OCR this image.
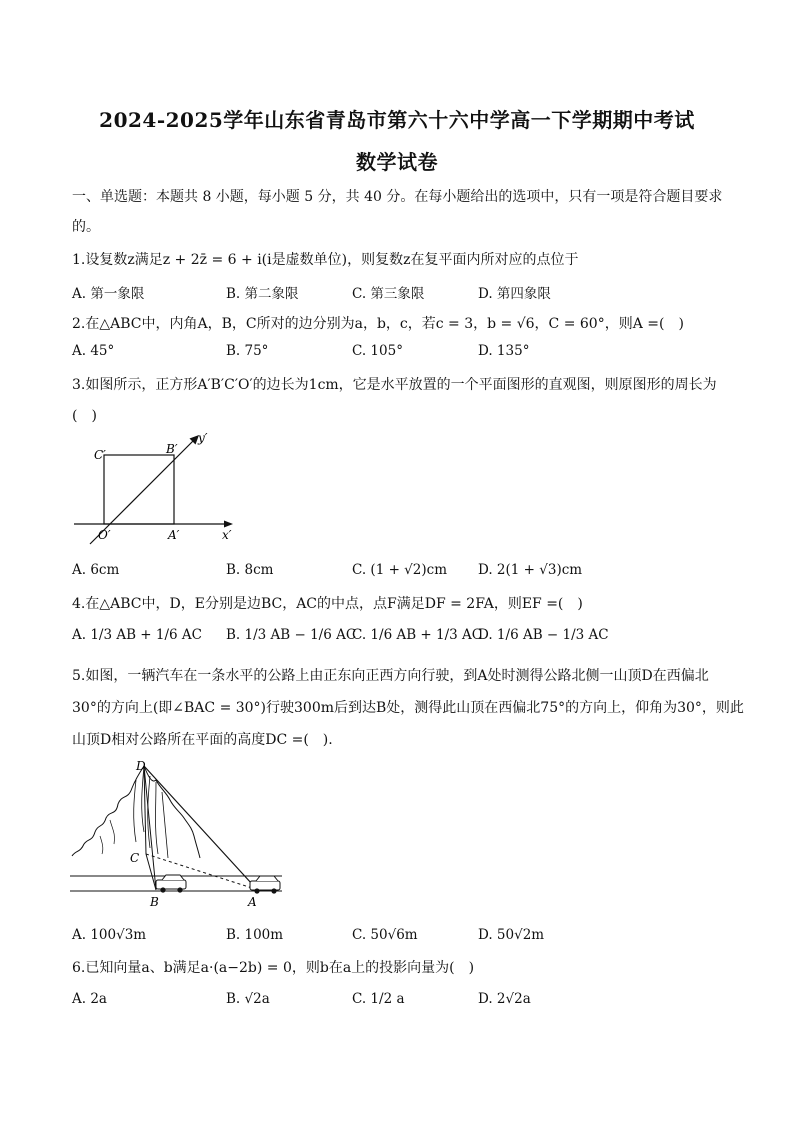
2024-2025学年山东省青岛市第六十六中学高一下学期期中考试
数学试卷
一、单选题：本题共 8 小题，每小题 5 分，共 40 分。在每小题给出的选项中，只有一项是符合题目要求
的。
1.设复数z满足z + 2z̄ = 6 + i(i是虚数单位)，则复数z在复平面内所对应的点位于
A. 第一象限	B. 第二象限	C. 第三象限	D. 第四象限
2.在△ABC中，内角A，B，C所对的边分别为a，b，c，若c = 3，b = √6，C = 60°，则A =(　)
A. 45°	B. 75°	C. 105°	D. 135°
3.如图所示，正方形A′B′C′O′的边长为1cm，它是水平放置的一个平面图形的直观图，则原图形的周长为
(　)
C′	B′
y′
O′	A′	x′
A. 6cm	B. 8cm	C. (1 + √2)cm D. 2(1 + √3)cm
4.在△ABC中，D，E分别是边BC，AC的中点，点F满足DF = 2FA，则EF =(　)
A. 1/3 AB + 1/6 AC B. 1/3 AB − 1/6 AC
C. 1/6 AB + 1/3 AC
D. 1/6 AB − 1/3 AC
5.如图，一辆汽车在一条水平的公路上由正东向正西方向行驶，到A处时测得公路北侧一山顶D在西偏北
30°的方向上(即∠BAC = 30°)行驶300m后到达B处，测得此山顶在西偏北75°的方向上，仰角为30°，则此
山顶D相对公路所在平面的高度DC =(　).
D
C
B	A
A. 100√3m	B. 100m	C. 50√6m	D. 50√2m
6.已知向量a、b满足a·(a−2b) = 0，则b在a上的投影向量为(　)
A. 2a	B. √2a	C. 1/2 a	D. 2√2a
